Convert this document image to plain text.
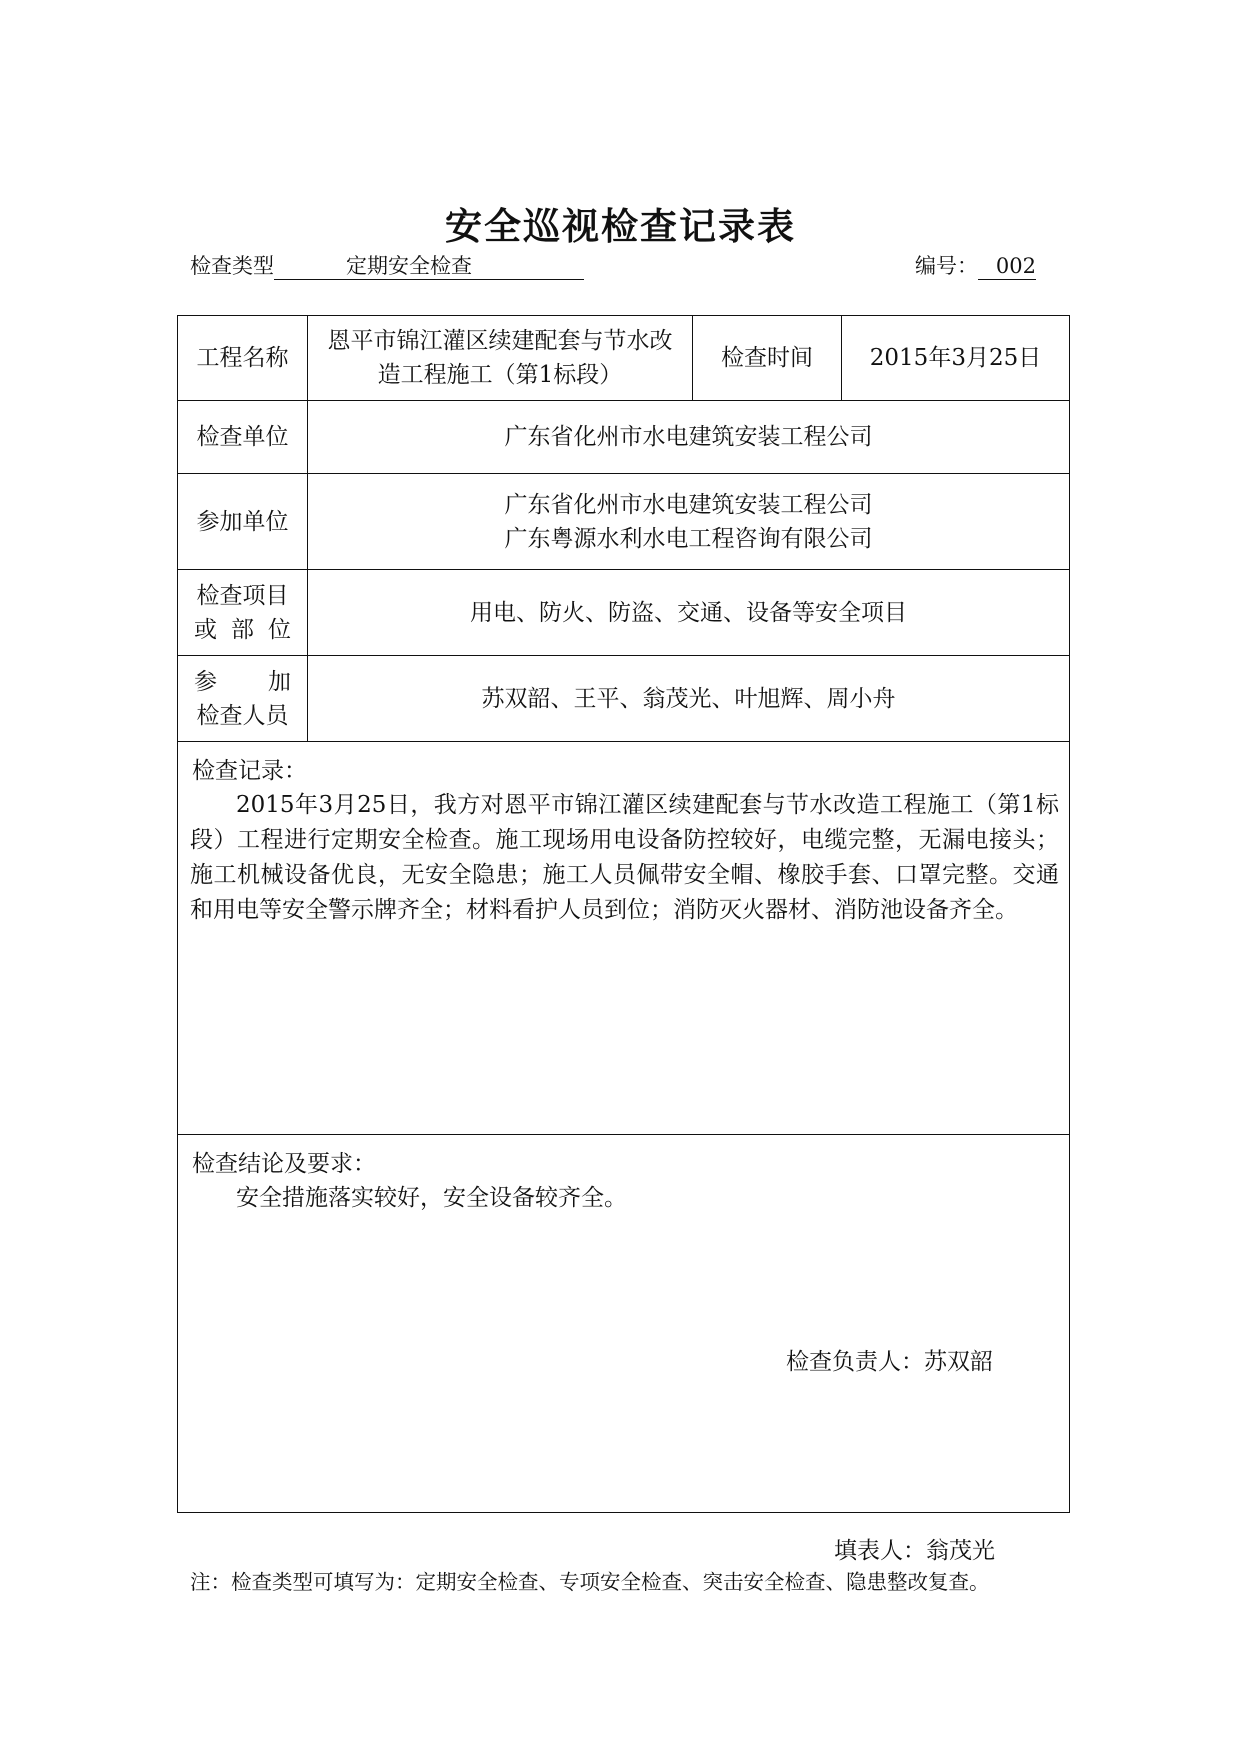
安全巡视检查记录表
检查类型	定期安全检查	编号： 002
工程名称	恩平市锦江灌区续建配套与节水改造工程施工（第1标段）	检查时间	2015年3月25日
检查单位	广东省化州市水电建筑安装工程公司		
参加单位	广东省化州市水电建筑安装工程公司
广东粤源水利水电工程咨询有限公司		

检查项目
或 部 位	用电、防火、防盗、交通、设备等安全项目		

参 加
检查人员	苏双韶、王平、翁茂光、叶旭辉、周小舟		

检查记录：
2015年3月25日，我方对恩平市锦江灌区续建配套与节水改造工程施工（第1标段）工程进行定期安全检查。施工现场用电设备防控较好，电缆完整，无漏电接头；施工机械设备优良，无安全隐患；施工人员佩带安全帽、橡胶手套、口罩完整。交通和用电等安全警示牌齐全；材料看护人员到位；消防灭火器材、消防池设备齐全。			

检查结论及要求：
安全措施落实较好，安全设备较齐全。
检查负责人：苏双韶			
填表人：翁茂光
注：检查类型可填写为：定期安全检查、专项安全检查、突击安全检查、隐患整改复查。
